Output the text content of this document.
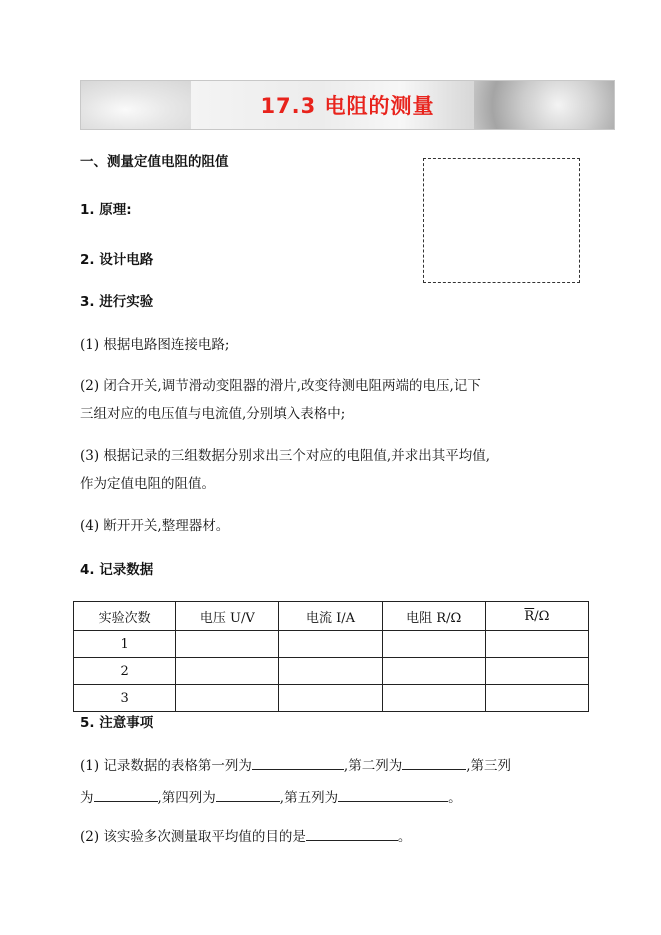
17.3 电阻的测量
一、测量定值电阻的阻值
1. 原理:
2. 设计电路
3. 进行实验
(1) 根据电路图连接电路;
(2) 闭合开关,调节滑动变阻器的滑片,改变待测电阻两端的电压,记下
三组对应的电压值与电流值,分别填入表格中;
(3) 根据记录的三组数据分别求出三个对应的电阻值,并求出其平均值,
作为定值电阻的阻值。
(4) 断开开关,整理器材。
4. 记录数据
实验次数	电压 U/V	电流 I/A	电阻 R/Ω	$\overline{R}/\Omega$
1				
2				
3				
5. 注意事项
(1) 记录数据的表格第一列为	,第二列为	,第三列
为	,第四列为	,第五列为	。
(2) 该实验多次测量取平均值的目的是	。
